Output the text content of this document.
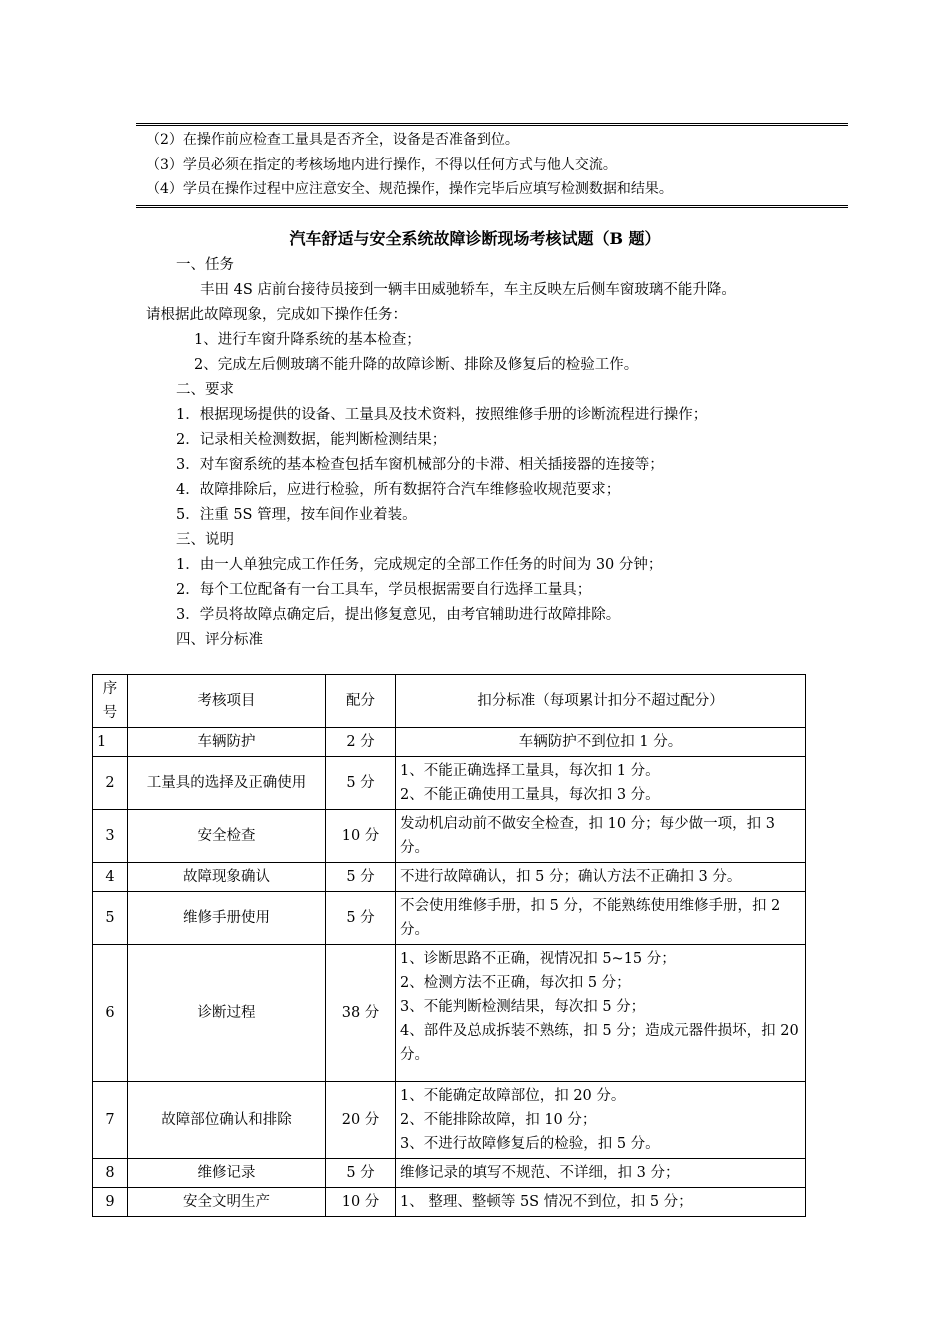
（2）在操作前应检查工量具是否齐全，设备是否准备到位。
（3）学员必须在指定的考核场地内进行操作，不得以任何方式与他人交流。
（4）学员在操作过程中应注意安全、规范操作，操作完毕后应填写检测数据和结果。
汽车舒适与安全系统故障诊断现场考核试题（B 题）
一、任务
丰田 4S 店前台接待员接到一辆丰田威驰轿车，车主反映左后侧车窗玻璃不能升降。
请根据此故障现象，完成如下操作任务：
1、进行车窗升降系统的基本检查；
2、完成左后侧玻璃不能升降的故障诊断、排除及修复后的检验工作。
二、要求
1．根据现场提供的设备、工量具及技术资料，按照维修手册的诊断流程进行操作；
2．记录相关检测数据，能判断检测结果；
3．对车窗系统的基本检查包括车窗机械部分的卡滞、相关插接器的连接等；
4．故障排除后，应进行检验，所有数据符合汽车维修验收规范要求；
5．注重 5S 管理，按车间作业着装。
三、说明
1．由一人单独完成工作任务，完成规定的全部工作任务的时间为 30 分钟；
2．每个工位配备有一台工具车，学员根据需要自行选择工量具；
3．学员将故障点确定后，提出修复意见，由考官辅助进行故障排除。
四、评分标准
序
号	考核项目	配分	扣分标准（每项累计扣分不超过配分）
1	车辆防护	2 分	车辆防护不到位扣 1 分。

2	工量具的选择及正确使用	5 分	1、不能正确选择工量具，每次扣 1 分。
2、不能正确使用工量具，每次扣 3 分。

3	安全检查	10 分	发动机启动前不做安全检查，扣 10 分；每少做一项，扣 3 分。

4	故障现象确认	5 分	不进行故障确认，扣 5 分；确认方法不正确扣 3 分。

5	维修手册使用	5 分	不会使用维修手册，扣 5 分，不能熟练使用维修手册，扣 2 分。

6	诊断过程	38 分	1、诊断思路不正确，视情况扣 5~15 分；
2、检测方法不正确，每次扣 5 分；
3、不能判断检测结果，每次扣 5 分；
4、部件及总成拆装不熟练，扣 5 分；造成元器件损坏，扣 20 分。

7	故障部位确认和排除	20 分	1、不能确定故障部位，扣 20 分。
2、不能排除故障，扣 10 分；
3、不进行故障修复后的检验，扣 5 分。

8	维修记录	5 分	维修记录的填写不规范、不详细，扣 3 分；

9	安全文明生产	10 分	1、 整理、整顿等 5S 情况不到位，扣 5 分；
